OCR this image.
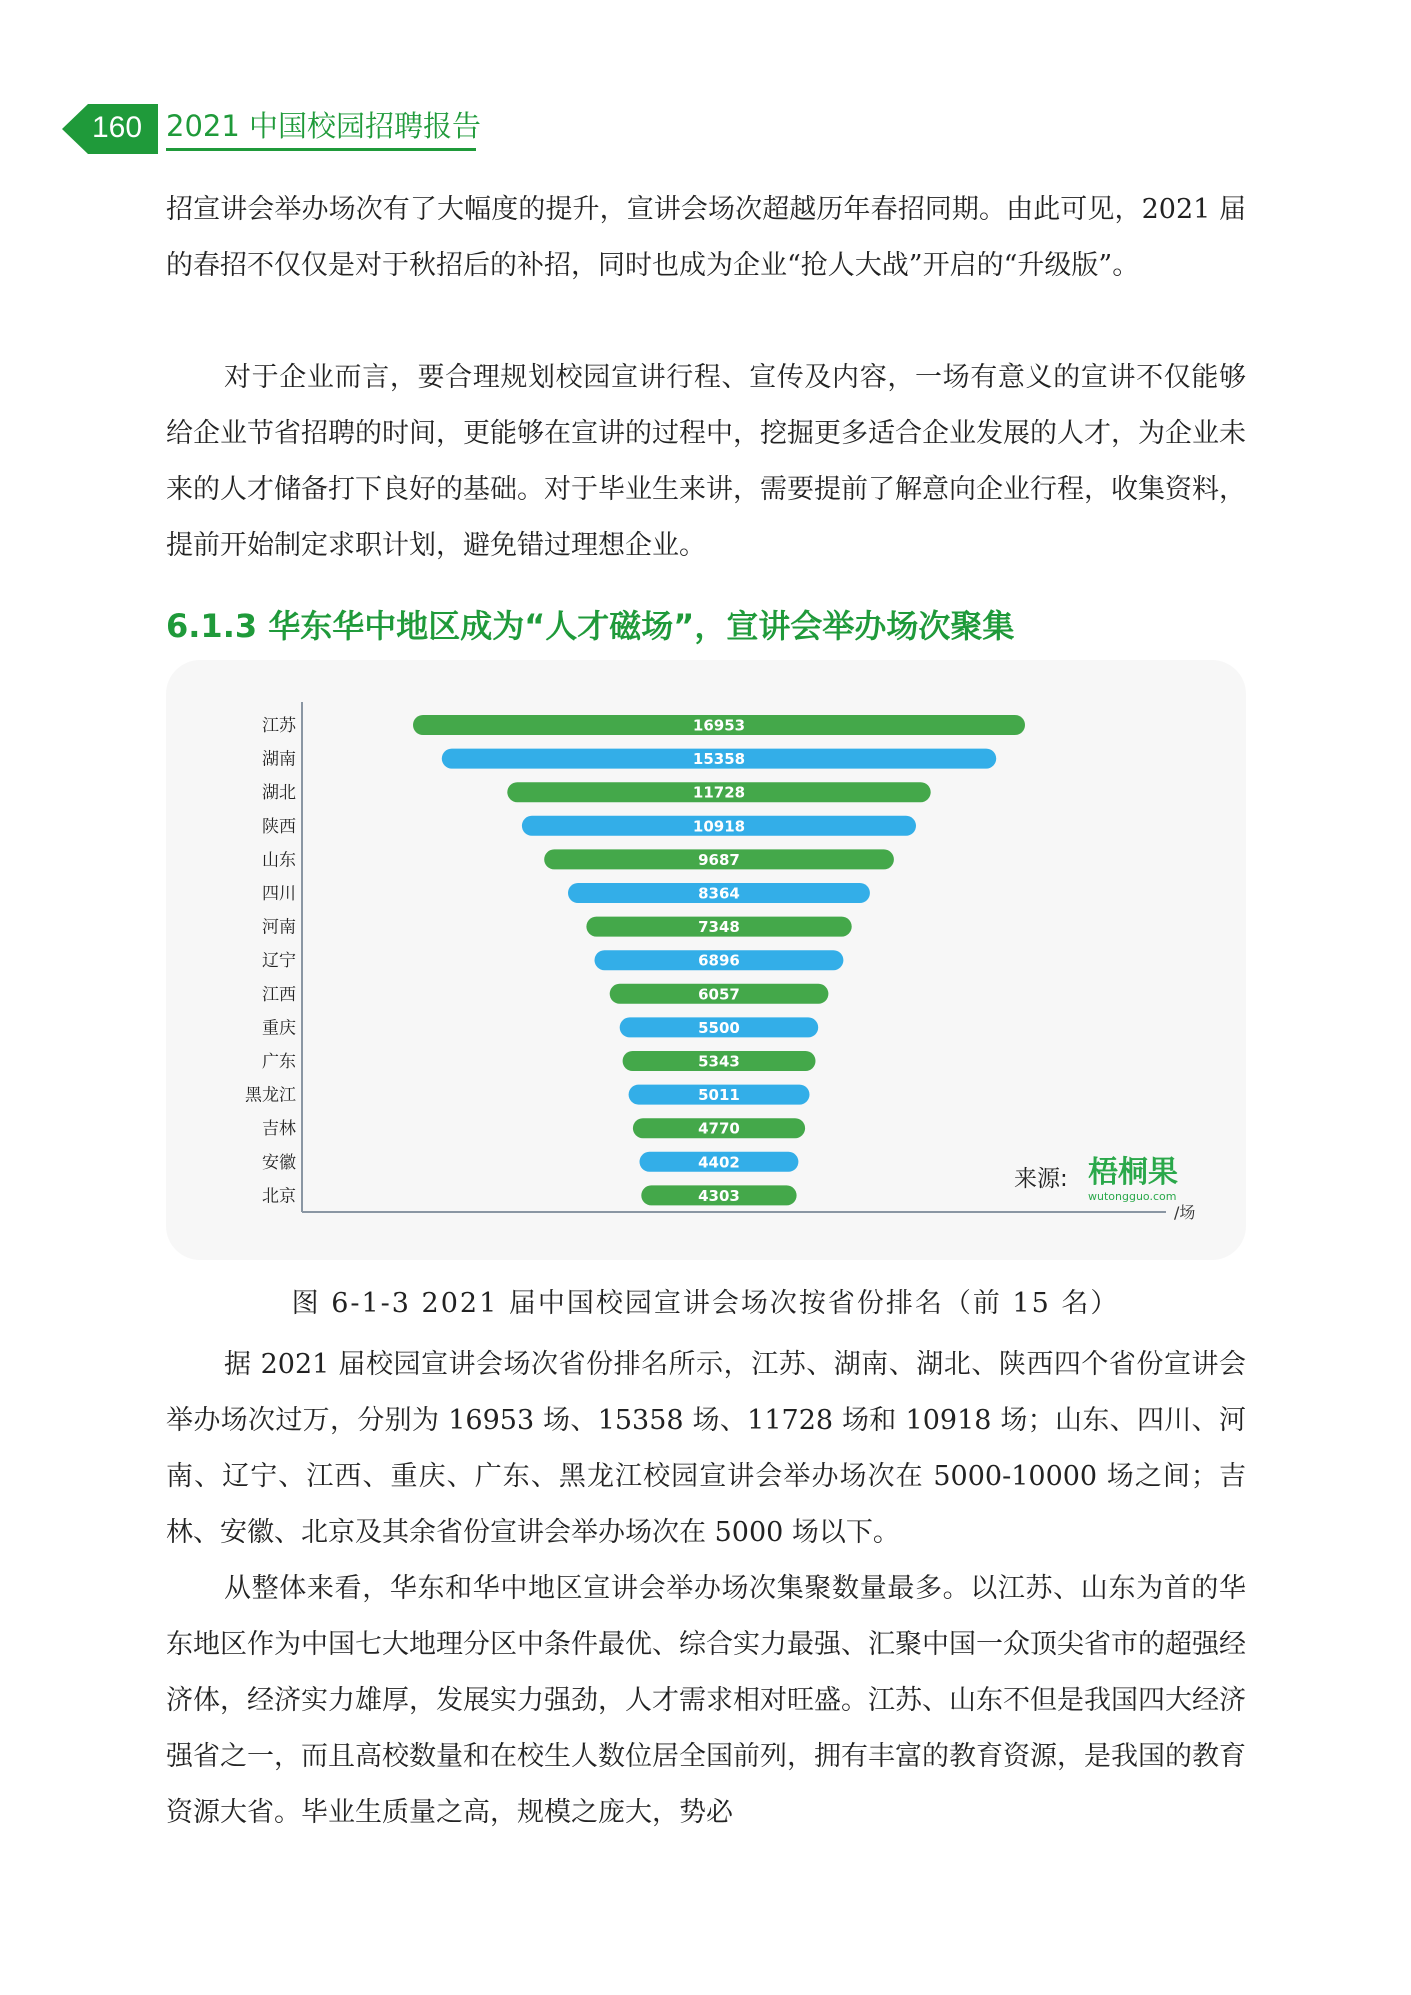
160 2021 中国校园招聘报告

招宣讲会举办场次有了大幅度的提升，宣讲会场次超越历年春招同期。由此可见，2021 届的春招不仅仅是对于秋招后的补招，同时也成为企业“抢人大战”开启的“升级版”。

对于企业而言，要合理规划校园宣讲行程、宣传及内容，一场有意义的宣讲不仅能够给企业节省招聘的时间，更能够在宣讲的过程中，挖掘更多适合企业发展的人才，为企业未来的人才储备打下良好的基础。对于毕业生来讲，需要提前了解意向企业行程，收集资料，提前开始制定求职计划，避免错过理想企业。

6.1.3 华东华中地区成为“人才磁场”，宣讲会举办场次聚集
/场
16953
江苏
15358
湖南
11728
湖北
10918
陕西
9687
山东
8364
四川
7348
河南
6896
辽宁
6057
江西
5500
重庆
5343
广东
5011
黑龙江
4770
吉林
4402
安徽
4303
北京
来源: 梧桐果
wutongguo.com

图 6-1-3 2021 届中国校园宣讲会场次按省份排名（前 15 名）

据 2021 届校园宣讲会场次省份排名所示，江苏、湖南、湖北、陕西四个省份宣讲会举办场次过万，分别为 16953 场、15358 场、11728 场和 10918 场；山东、四川、河南、辽宁、江西、重庆、广东、黑龙江校园宣讲会举办场次在 5000-10000 场之间；吉林、安徽、北京及其余省份宣讲会举办场次在 5000 场以下。

从整体来看，华东和华中地区宣讲会举办场次集聚数量最多。以江苏、山东为首的华东地区作为中国七大地理分区中条件最优、综合实力最强、汇聚中国一众顶尖省市的超强经济体，经济实力雄厚，发展实力强劲，人才需求相对旺盛。江苏、山东不但是我国四大经济强省之一，而且高校数量和在校生人数位居全国前列，拥有丰富的教育资源，是我国的教育资源大省。毕业生质量之高，规模之庞大，势必
